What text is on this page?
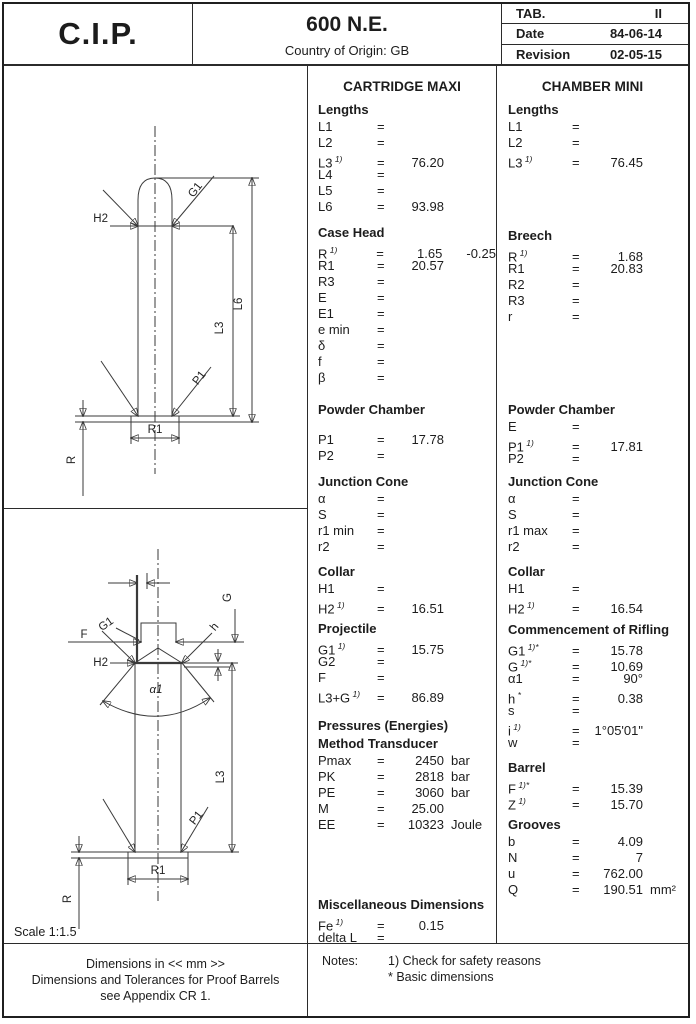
C.I.P.	600 N.E.
Country of Origin: GB
TAB.	II
Date	84-06-14
Revision	02-05-15
H2
G1
P1
L3
L6
R1
R
F
G1
G
h
H2
α1
P1
L3
R1
R
Scale 1:1.5
CARTRIDGE MAXI
Lengths
L1	=
L2	=
L3 $^{1)}$	=	76.20
L4	=
L5	=
L6	=	93.98
Case Head
R $^{1)}$	=	1.65 -0.25
R1	=	20.57
R3	=
E	=
E1	=
e min	=
δ	=
f	=
β	=
Powder Chamber
P1	=	17.78
P2	=
Junction Cone
α	=
S	=
r1 min	=
r2	=
Collar
H1	=
H2 $^{1)}$	=	16.51
Projectile
G1 $^{1)}$	=	15.75
G2	=
F	=
L3+G $^{1)}$	=	86.89
Pressures (Energies)
Method Transducer
Pmax	=	2450 bar
PK	=	2818 bar
PE	=	3060 bar
M	=	25.00
EE	=	10323 Joule
Miscellaneous Dimensions
Fe $^{1)}$	=	0.15
delta L	=
CHAMBER MINI
Lengths
L1	=
L2	=
L3 $^{1)}$	=	76.45
Breech
R $^{1)}$	=	1.68
R1	=	20.83
R2	=
R3	=
r	=
Powder Chamber
E	=
P1 $^{1)}$	=	17.81
P2	=
Junction Cone
α	=
S	=
r1 max	=
r2	=
Collar
H1	=
H2 $^{1)}$	=	16.54
Commencement of Rifling
G1 $^{1)*}$	=	15.78
G $^{1)*}$	=	10.69
α1	=	90°
h *	=	0.38
s	=
i $^{1)}$	=	1°05'01"
w	=
Barrel
F $^{1)*}$	=	15.39
Z $^{1)}$	=	15.70
Grooves
b	=	4.09
N	=	7
u	=	762.00
Q	=	190.51 mm²
Dimensions in << mm >>
Dimensions and Tolerances for Proof Barrels
see Appendix CR 1.
Notes:	1) Check for safety reasons
* Basic dimensions
